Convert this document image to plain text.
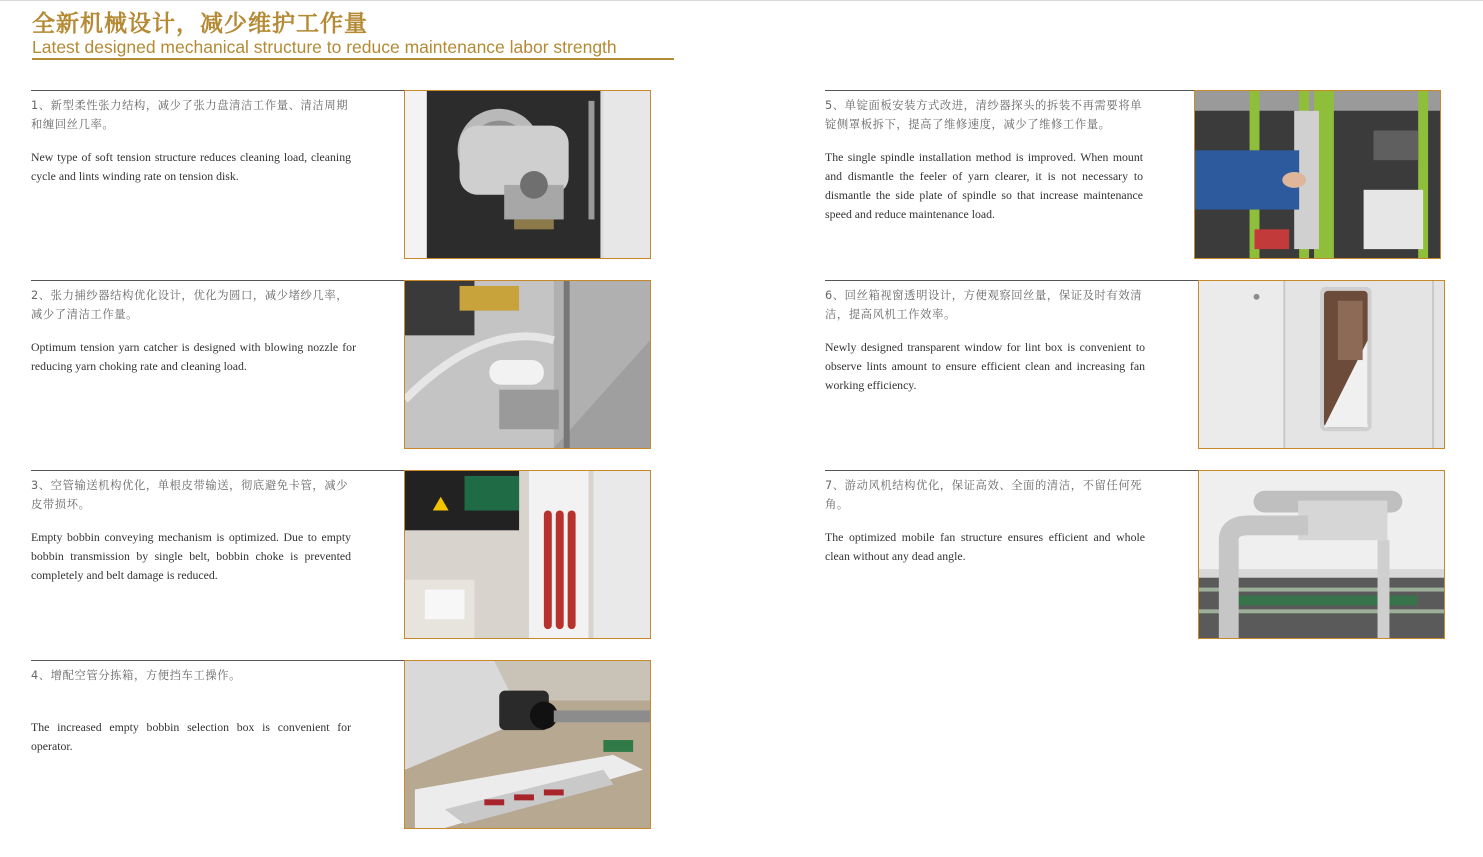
全新机械设计，减少维护工作量
Latest designed mechanical structure to reduce maintenance labor strength
1、新型柔性张力结构，减少了张力盘清洁工作量、清洁周期和缠回丝几率。
New type of soft tension structure reduces cleaning load, cleaning cycle and lints winding rate on tension disk.
2、张力捕纱器结构优化设计，优化为圆口，减少堵纱几率，减少了清洁工作量。
Optimum tension yarn catcher is designed with blowing nozzle for reducing yarn choking rate and cleaning load.
3、空管输送机构优化，单根皮带输送，彻底避免卡管，减少皮带损坏。
Empty bobbin conveying mechanism is optimized. Due to empty bobbin transmission by single belt, bobbin choke is prevented completely and belt damage is reduced.
4、增配空管分拣箱，方便挡车工操作。
The increased empty bobbin selection box is convenient for operator.
5、单锭面板安装方式改进，清纱器探头的拆装不再需要将单锭侧罩板拆下，提高了维修速度，减少了维修工作量。
The single spindle installation method is improved. When mount and dismantle the feeler of yarn clearer, it is not necessary to dismantle the side plate of spindle so that increase maintenance speed and reduce maintenance load.
6、回丝箱视窗透明设计，方便观察回丝量，保证及时有效清洁，提高风机工作效率。
Newly designed transparent window for lint box is convenient to observe lints amount to ensure efficient clean and increasing fan working efficiency.
7、游动风机结构优化，保证高效、全面的清洁，不留任何死角。
The optimized mobile fan structure ensures efficient and whole clean without any dead angle.
